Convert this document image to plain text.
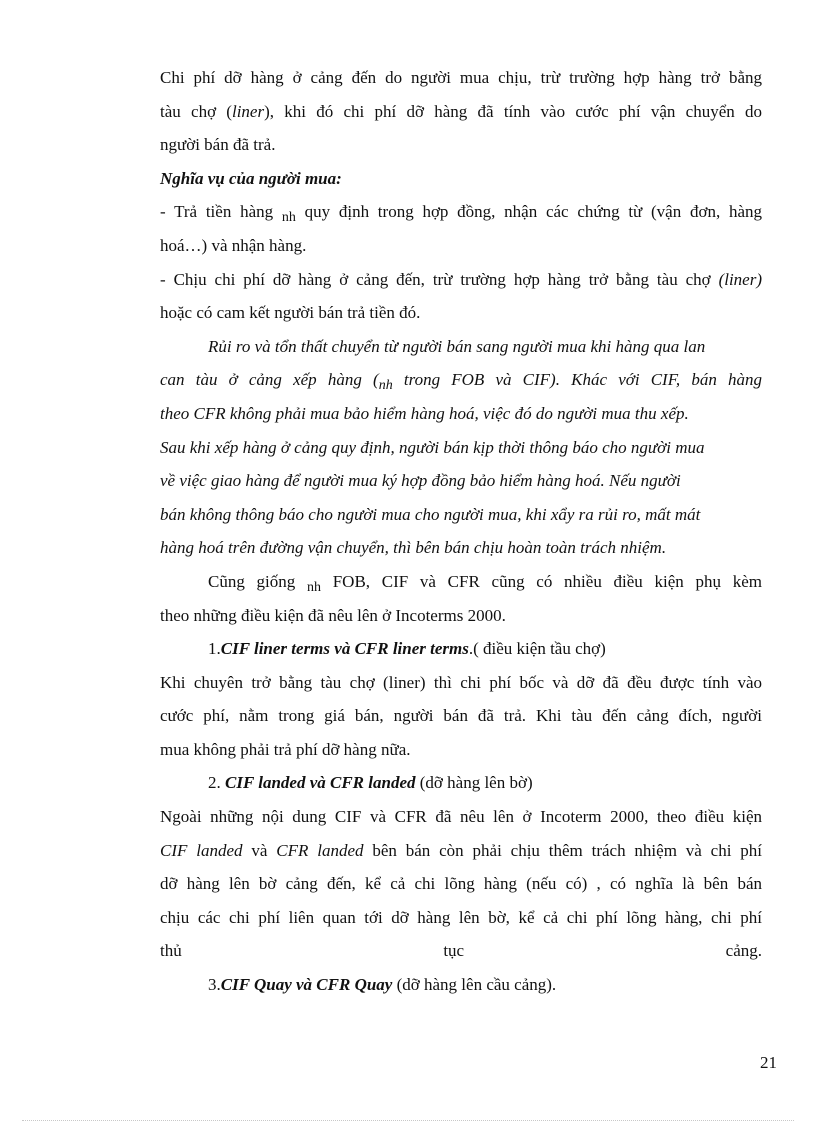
Chi phí dỡ hàng ở cảng đến do người mua chịu, trừ trường hợp hàng trở bằng
tàu chợ (liner), khi đó chi phí dỡ hàng đã tính vào cước phí vận chuyển do
người bán đã trả.
Nghĩa vụ của người mua:
- Trả tiền hàng $_{nh}$ quy định trong hợp đồng, nhận các chứng từ (vận đơn, hàng
hoá…) và nhận hàng.
- Chịu chi phí dỡ hàng ở cảng đến, trừ trường hợp hàng trở bằng tàu chợ (liner)
hoặc có cam kết người bán trả tiền đó.
Rủi ro và tổn thất chuyển từ người bán sang người mua khi hàng qua lan
can tàu ở cảng xếp hàng ($_{nh}$ trong FOB và CIF). Khác với CIF, bán hàng
theo CFR không phải mua bảo hiểm hàng hoá, việc đó do người mua thu xếp.
Sau khi xếp hàng ở cảng quy định, người bán kịp thời thông báo cho người mua
về việc giao hàng để người mua ký hợp đồng bảo hiểm hàng hoá. Nếu người
bán không thông báo cho người mua cho người mua, khi xẩy ra rủi ro, mất mát
hàng hoá trên đường vận chuyển, thì bên bán chịu hoàn toàn trách nhiệm.
Cũng giống $_{nh}$ FOB, CIF và CFR cũng có nhiều điều kiện phụ kèm
theo những điều kiện đã nêu lên ở Incoterms 2000.
1.CIF liner terms và CFR liner terms.( điều kiện tầu chợ)
Khi chuyên trở bằng tàu chợ (liner) thì chi phí bốc và dỡ đã đều được tính vào
cước phí, nằm trong giá bán, người bán đã trả. Khi tàu đến cảng đích, người
mua không phải trả phí dỡ hàng nữa.
2. CIF landed và CFR landed (dỡ hàng lên bờ)
Ngoài những nội dung CIF và CFR đã nêu lên ở Incoterm 2000, theo điều kiện
CIF landed và CFR landed bên bán còn phải chịu thêm trách nhiệm và chi phí
dỡ hàng lên bờ cảng đến, kể cả chi lõng hàng (nếu có) , có nghĩa là bên bán
chịu các chi phí liên quan tới dỡ hàng lên bờ, kể cả chi phí lõng hàng, chi phí
thủ	tục	cảng.
3.CIF Quay và CFR Quay (dỡ hàng lên cầu cảng).
21
